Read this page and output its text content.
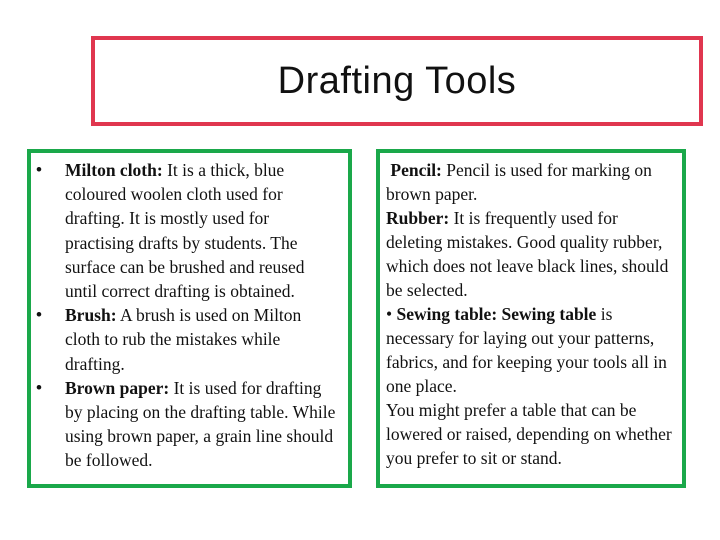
Drafting Tools
• Milton cloth: It is a thick, blue coloured woolen cloth used for drafting. It is mostly used for practising drafts by students. The surface can be brushed and reused until correct drafting is obtained.
• Brush: A brush is used on Milton cloth to rub the mistakes while drafting.
• Brown paper: It is used for drafting by placing on the drafting table. While using brown paper, a grain line should be followed.

Pencil: Pencil is used for marking on brown paper.

Rubber: It is frequently used for deleting mistakes. Good quality rubber, which does not leave black lines, should be selected.

• Sewing table: Sewing table is necessary for laying out your patterns, fabrics, and for keeping your tools all in one place.

You might prefer a table that can be lowered or raised, depending on whether you prefer to sit or stand.
